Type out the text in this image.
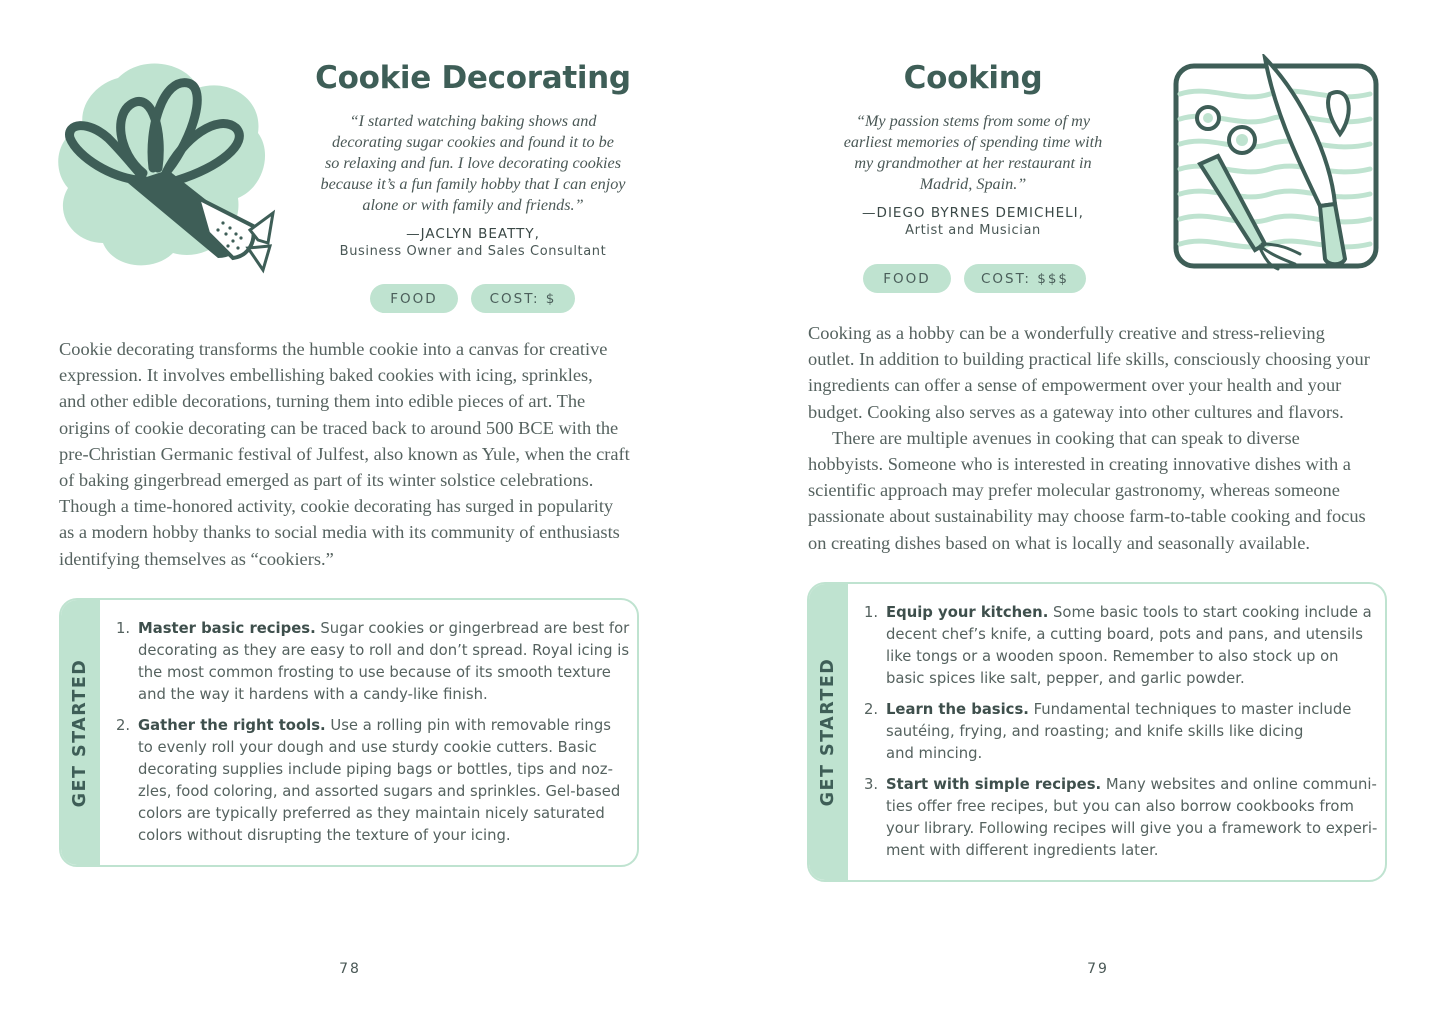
Cookie Decorating
“I started watching baking shows and
decorating sugar cookies and found it to be
so relaxing and fun. I love decorating cookies
because it’s a fun family hobby that I can enjoy
alone or with family and friends.”
—JACLYN BEATTY,
Business Owner and Sales Consultant
FOOD	COST: $

Cookie decorating transforms the humble cookie into a canvas for creative
expression. It involves embellishing baked cookies with icing, sprinkles,
and other edible decorations, turning them into edible pieces of art. The
origins of cookie decorating can be traced back to around 500 BCE with the
pre-Christian Germanic festival of Julfest, also known as Yule, when the craft
of baking gingerbread emerged as part of its winter solstice celebrations.
Though a time-honored activity, cookie decorating has surged in popularity
as a modern hobby thanks to social media with its community of enthusiasts
identifying themselves as “cookiers.”

GET STARTED
1. Master basic recipes. Sugar cookies or gingerbread are best for
decorating as they are easy to roll and don’t spread. Royal icing is
the most common frosting to use because of its smooth texture
and the way it hardens with a candy-like finish.
2. Gather the right tools. Use a rolling pin with removable rings
to evenly roll your dough and use sturdy cookie cutters. Basic
decorating supplies include piping bags or bottles, tips and noz-
zles, food coloring, and assorted sugars and sprinkles. Gel-based
colors are typically preferred as they maintain nicely saturated
colors without disrupting the texture of your icing.
78
Cooking
“My passion stems from some of my
earliest memories of spending time with
my grandmother at her restaurant in
Madrid, Spain.”
—DIEGO BYRNES DEMICHELI,
Artist and Musician
FOOD	COST: $$$

Cooking as a hobby can be a wonderfully creative and stress-relieving
outlet. In addition to building practical life skills, consciously choosing your
ingredients can offer a sense of empowerment over your health and your
budget. Cooking also serves as a gateway into other cultures and flavors.

There are multiple avenues in cooking that can speak to diverse
hobbyists. Someone who is interested in creating innovative dishes with a
scientific approach may prefer molecular gastronomy, whereas someone
passionate about sustainability may choose farm-to-table cooking and focus
on creating dishes based on what is locally and seasonally available.

GET STARTED
1. Equip your kitchen. Some basic tools to start cooking include a
decent chef’s knife, a cutting board, pots and pans, and utensils
like tongs or a wooden spoon. Remember to also stock up on
basic spices like salt, pepper, and garlic powder.
2. Learn the basics. Fundamental techniques to master include
sautéing, frying, and roasting; and knife skills like dicing
and mincing.
3. Start with simple recipes. Many websites and online communi-
ties offer free recipes, but you can also borrow cookbooks from
your library. Following recipes will give you a framework to experi-
ment with different ingredients later.
79
